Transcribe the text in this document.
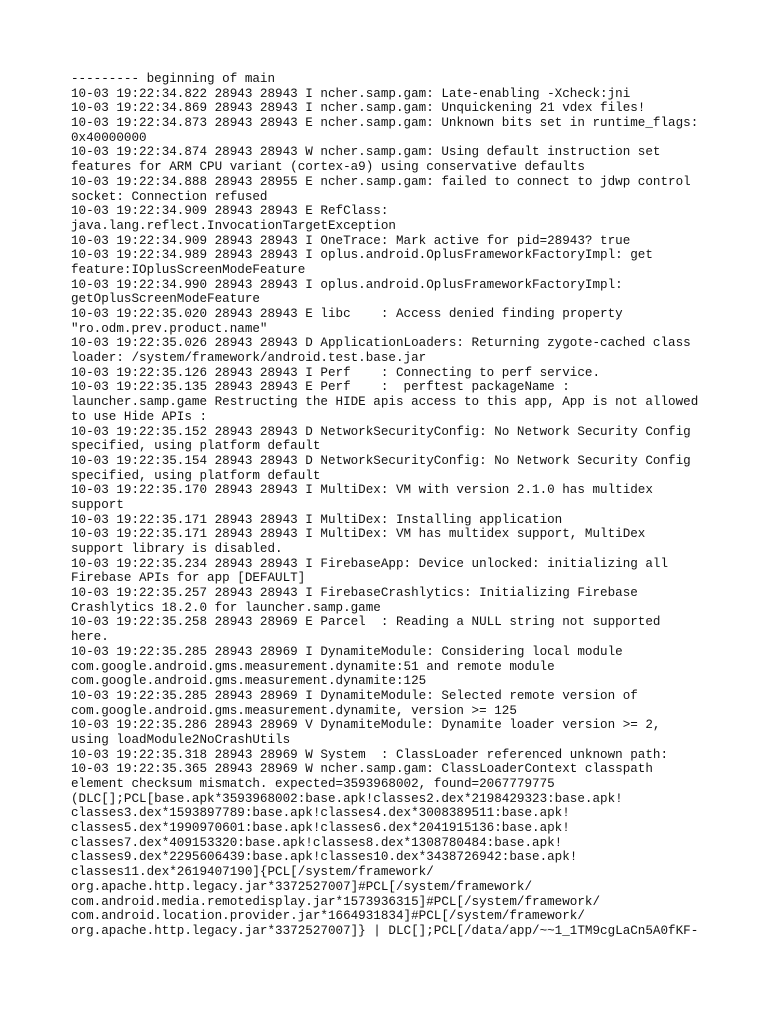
--------- beginning of main
10-03 19:22:34.822 28943 28943 I ncher.samp.gam: Late-enabling -Xcheck:jni
10-03 19:22:34.869 28943 28943 I ncher.samp.gam: Unquickening 21 vdex files!
10-03 19:22:34.873 28943 28943 E ncher.samp.gam: Unknown bits set in runtime_flags:
0x40000000
10-03 19:22:34.874 28943 28943 W ncher.samp.gam: Using default instruction set
features for ARM CPU variant (cortex-a9) using conservative defaults
10-03 19:22:34.888 28943 28955 E ncher.samp.gam: failed to connect to jdwp control
socket: Connection refused
10-03 19:22:34.909 28943 28943 E RefClass:
java.lang.reflect.InvocationTargetException
10-03 19:22:34.909 28943 28943 I OneTrace: Mark active for pid=28943? true
10-03 19:22:34.989 28943 28943 I oplus.android.OplusFrameworkFactoryImpl: get
feature:IOplusScreenModeFeature
10-03 19:22:34.990 28943 28943 I oplus.android.OplusFrameworkFactoryImpl:
getOplusScreenModeFeature
10-03 19:22:35.020 28943 28943 E libc    : Access denied finding property
"ro.odm.prev.product.name"
10-03 19:22:35.026 28943 28943 D ApplicationLoaders: Returning zygote-cached class
loader: /system/framework/android.test.base.jar
10-03 19:22:35.126 28943 28943 I Perf    : Connecting to perf service.
10-03 19:22:35.135 28943 28943 E Perf    :  perftest packageName :
launcher.samp.game Restructing the HIDE apis access to this app, App is not allowed
to use Hide APIs :
10-03 19:22:35.152 28943 28943 D NetworkSecurityConfig: No Network Security Config
specified, using platform default
10-03 19:22:35.154 28943 28943 D NetworkSecurityConfig: No Network Security Config
specified, using platform default
10-03 19:22:35.170 28943 28943 I MultiDex: VM with version 2.1.0 has multidex
support
10-03 19:22:35.171 28943 28943 I MultiDex: Installing application
10-03 19:22:35.171 28943 28943 I MultiDex: VM has multidex support, MultiDex
support library is disabled.
10-03 19:22:35.234 28943 28943 I FirebaseApp: Device unlocked: initializing all
Firebase APIs for app [DEFAULT]
10-03 19:22:35.257 28943 28943 I FirebaseCrashlytics: Initializing Firebase
Crashlytics 18.2.0 for launcher.samp.game
10-03 19:22:35.258 28943 28969 E Parcel  : Reading a NULL string not supported
here.
10-03 19:22:35.285 28943 28969 I DynamiteModule: Considering local module
com.google.android.gms.measurement.dynamite:51 and remote module
com.google.android.gms.measurement.dynamite:125
10-03 19:22:35.285 28943 28969 I DynamiteModule: Selected remote version of
com.google.android.gms.measurement.dynamite, version >= 125
10-03 19:22:35.286 28943 28969 V DynamiteModule: Dynamite loader version >= 2,
using loadModule2NoCrashUtils
10-03 19:22:35.318 28943 28969 W System  : ClassLoader referenced unknown path:
10-03 19:22:35.365 28943 28969 W ncher.samp.gam: ClassLoaderContext classpath
element checksum mismatch. expected=3593968002, found=2067779775
(DLC[];PCL[base.apk*3593968002:base.apk!classes2.dex*2198429323:base.apk!
classes3.dex*1593897789:base.apk!classes4.dex*3008389511:base.apk!
classes5.dex*1990970601:base.apk!classes6.dex*2041915136:base.apk!
classes7.dex*409153320:base.apk!classes8.dex*1308780484:base.apk!
classes9.dex*2295606439:base.apk!classes10.dex*3438726942:base.apk!
classes11.dex*2619407190]{PCL[/system/framework/
org.apache.http.legacy.jar*3372527007]#PCL[/system/framework/
com.android.media.remotedisplay.jar*1573936315]#PCL[/system/framework/
com.android.location.provider.jar*1664931834]#PCL[/system/framework/
org.apache.http.legacy.jar*3372527007]} | DLC[];PCL[/data/app/~~1_1TM9cgLaCn5A0fKF-
